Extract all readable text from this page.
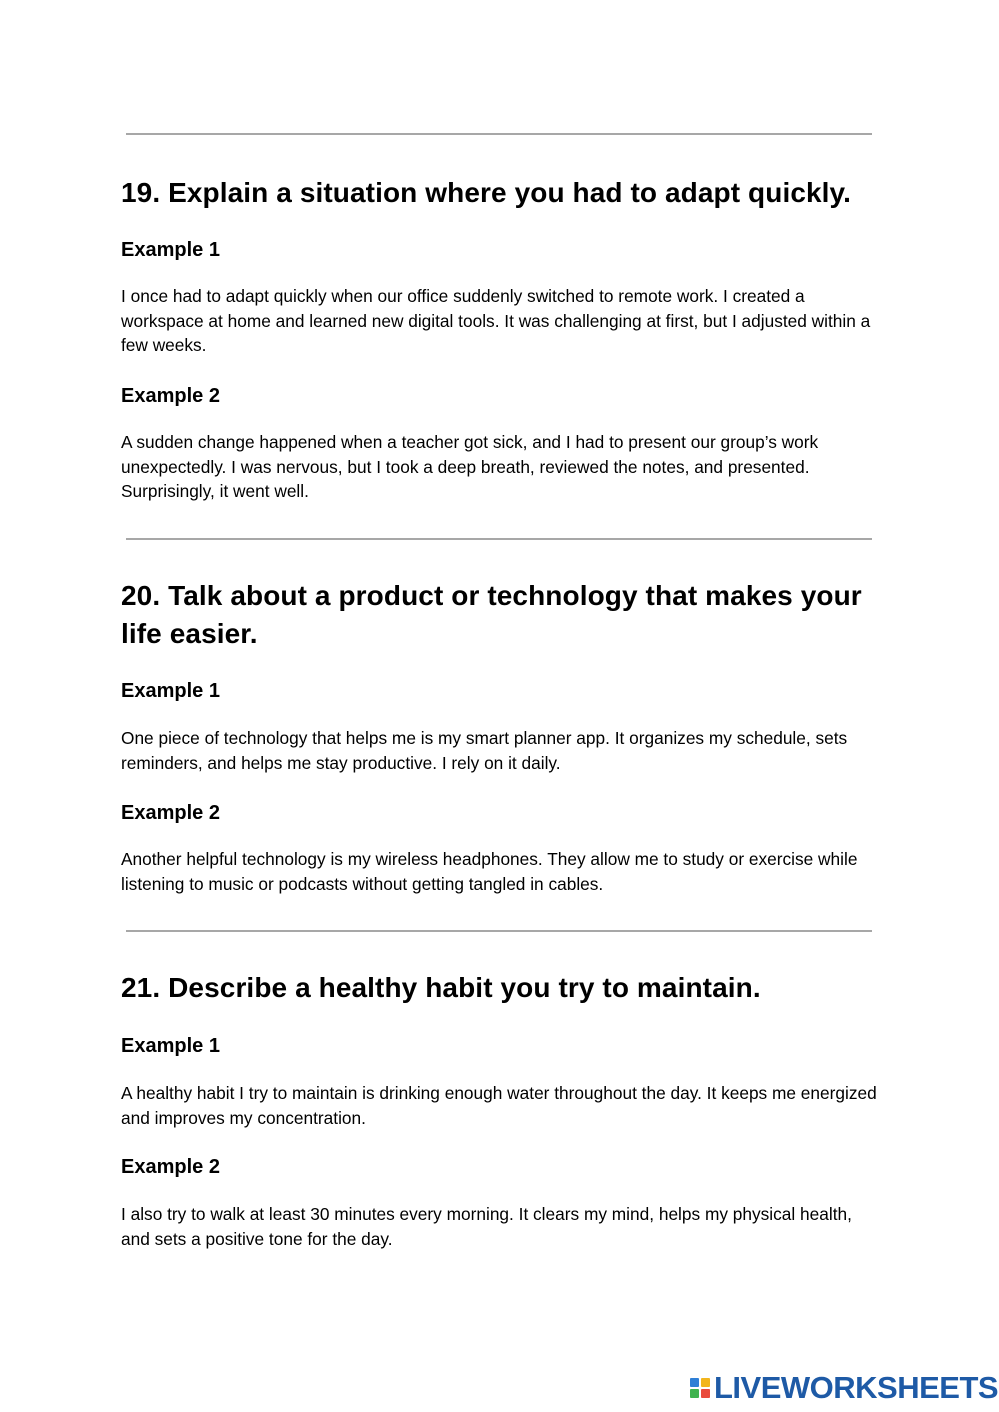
19. Explain a situation where you had to adapt quickly.
Example 1

I once had to adapt quickly when our office suddenly switched to remote work. I created a workspace at home and learned new digital tools. It was challenging at first, but I adjusted within a few weeks.

Example 2

A sudden change happened when a teacher got sick, and I had to present our group’s work unexpectedly. I was nervous, but I took a deep breath, reviewed the notes, and presented. Surprisingly, it went well.

20. Talk about a product or technology that makes your life easier.
Example 1

One piece of technology that helps me is my smart planner app. It organizes my schedule, sets reminders, and helps me stay productive. I rely on it daily.

Example 2

Another helpful technology is my wireless headphones. They allow me to study or exercise while listening to music or podcasts without getting tangled in cables.

21. Describe a healthy habit you try to maintain.
Example 1

A healthy habit I try to maintain is drinking enough water throughout the day. It keeps me energized and improves my concentration.

Example 2

I also try to walk at least 30 minutes every morning. It clears my mind, helps my physical health, and sets a positive tone for the day.

LIVEWORKSHEETS
